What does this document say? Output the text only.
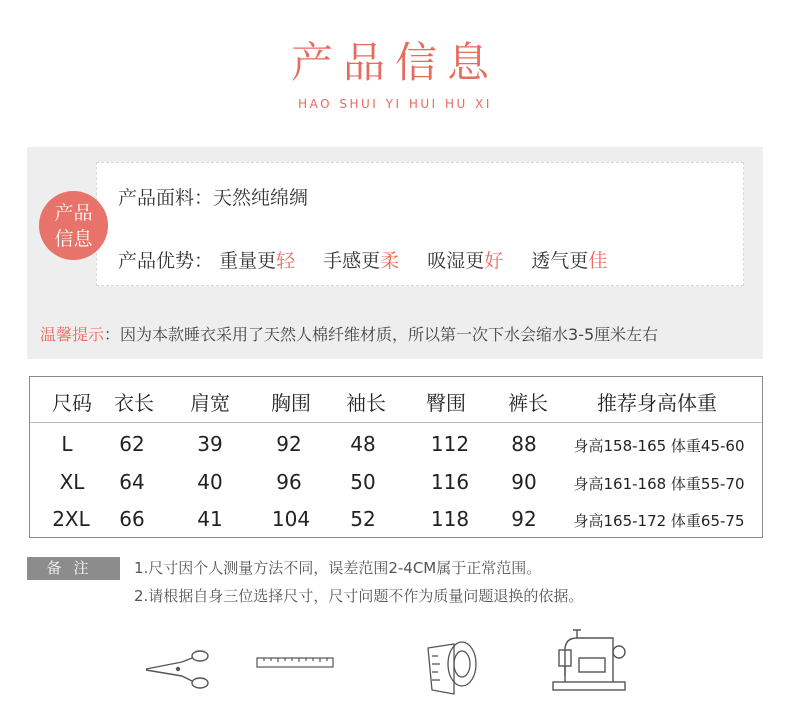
产品信息
HAO SHUI YI HUI HU XI
产品
信息
产品面料：天然纯绵绸
产品优势： 重量更轻 手感更柔 吸湿更好 透气更佳
温馨提示：因为本款睡衣采用了天然人棉纤维材质，所以第一次下水会缩水3-5厘米左右
尺码 衣长 肩宽 胸围 袖长 臀围 裤长 推荐身高体重
L 62	39	92 48	112 88 身高158-165 体重45-60
XL 64	40	96 50	116 90 身高161-168 体重55-70
2XL 66	41 104 52	118 92 身高165-172 体重65-75
备注	1.尺寸因个人测量方法不同，误差范围2-4CM属于正常范围。
2.请根据自身三位选择尺寸，尺寸问题不作为质量问题退换的依据。
